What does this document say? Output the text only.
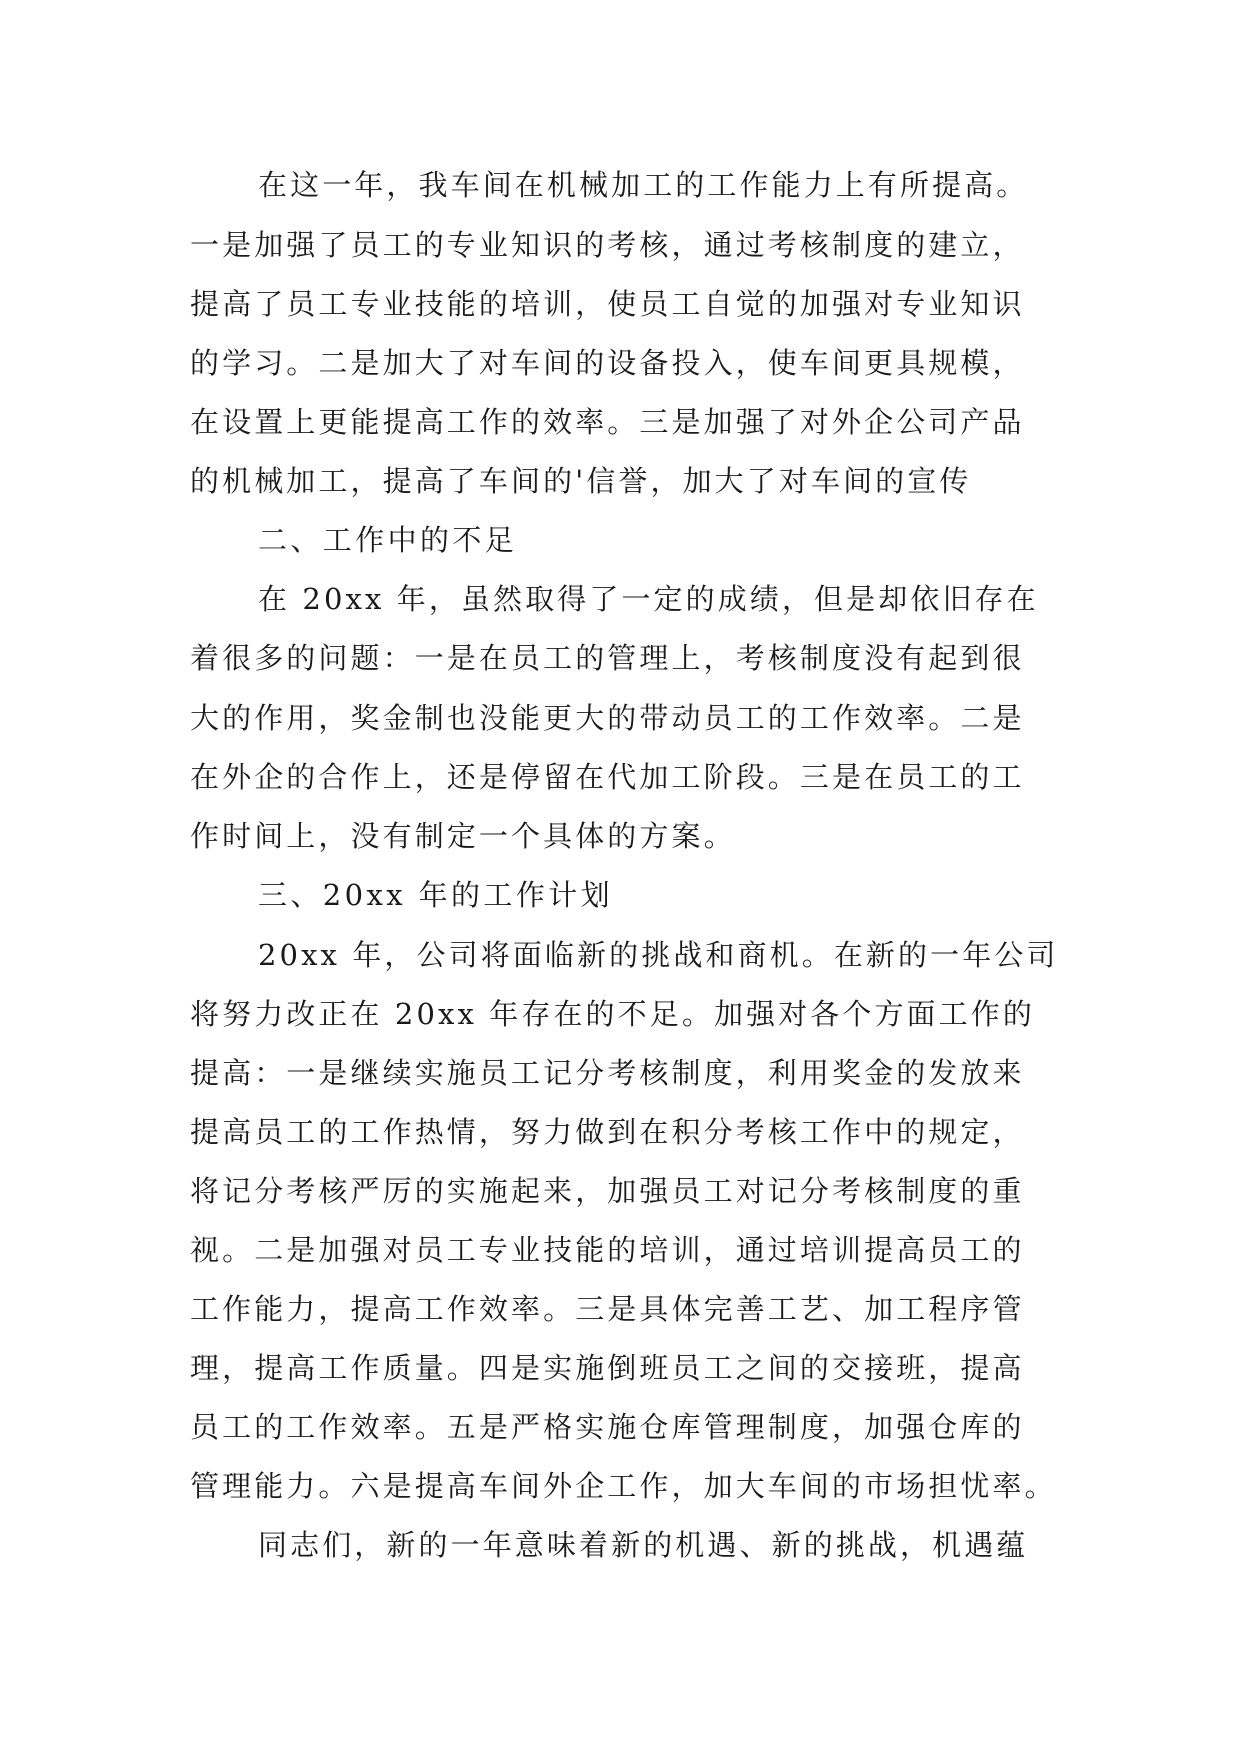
在这一年，我车间在机械加工的工作能力上有所提高。
一是加强了员工的专业知识的考核，通过考核制度的建立，
提高了员工专业技能的培训，使员工自觉的加强对专业知识
的学习。二是加大了对车间的设备投入，使车间更具规模，
在设置上更能提高工作的效率。三是加强了对外企公司产品
的机械加工，提高了车间的'信誉，加大了对车间的宣传
二、工作中的不足
在 20xx 年，虽然取得了一定的成绩，但是却依旧存在
着很多的问题：一是在员工的管理上，考核制度没有起到很
大的作用，奖金制也没能更大的带动员工的工作效率。二是
在外企的合作上，还是停留在代加工阶段。三是在员工的工
作时间上，没有制定一个具体的方案。
三、20xx 年的工作计划
20xx 年，公司将面临新的挑战和商机。在新的一年公司
将努力改正在 20xx 年存在的不足。加强对各个方面工作的
提高：一是继续实施员工记分考核制度，利用奖金的发放来
提高员工的工作热情，努力做到在积分考核工作中的规定，
将记分考核严厉的实施起来，加强员工对记分考核制度的重
视。二是加强对员工专业技能的培训，通过培训提高员工的
工作能力，提高工作效率。三是具体完善工艺、加工程序管
理，提高工作质量。四是实施倒班员工之间的交接班，提高
员工的工作效率。五是严格实施仓库管理制度，加强仓库的
管理能力。六是提高车间外企工作，加大车间的市场担忧率。
同志们，新的一年意味着新的机遇、新的挑战，机遇蕴
